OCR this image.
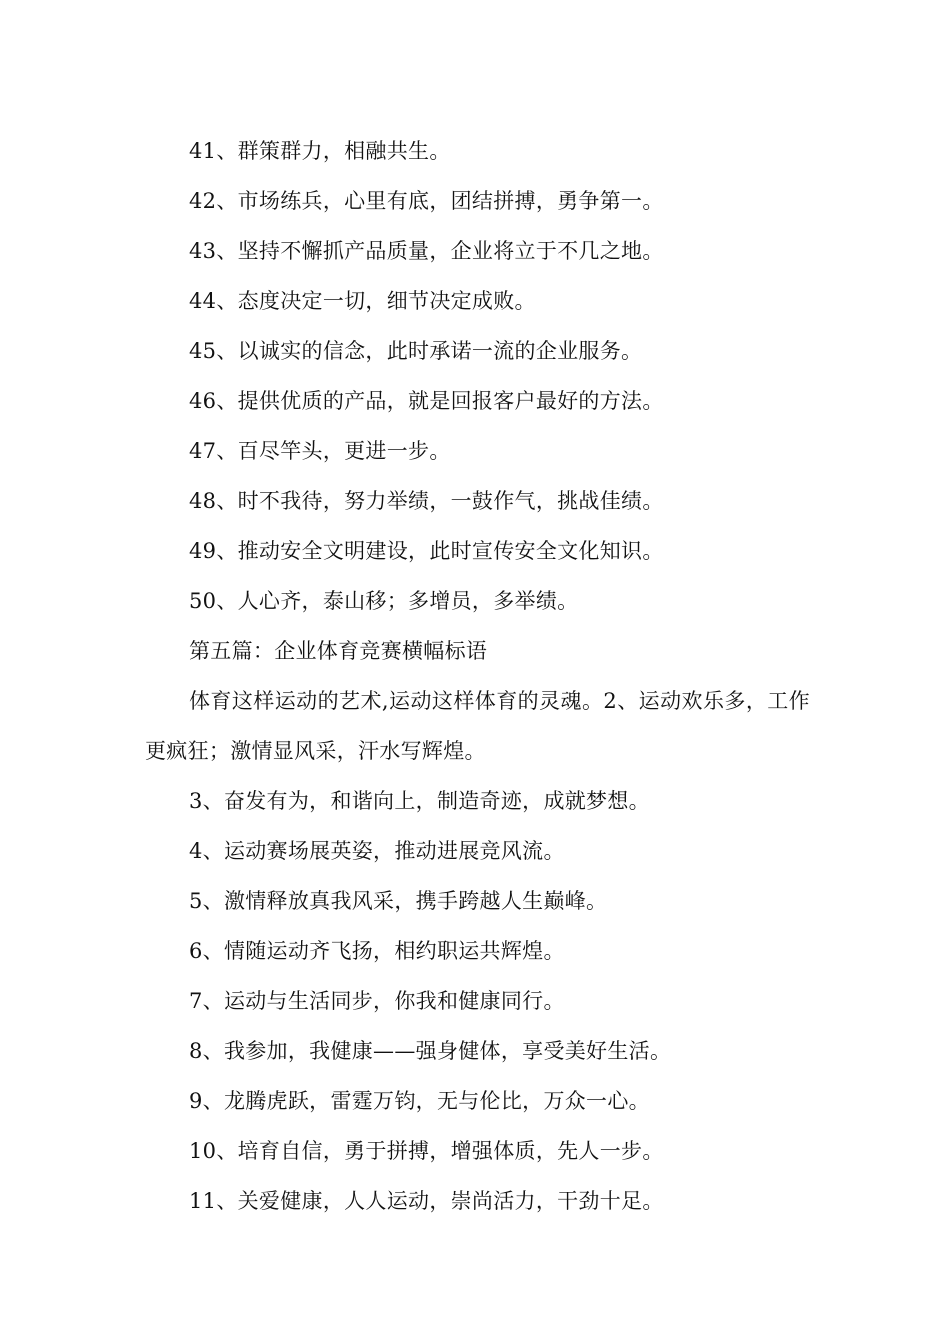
41、群策群力，相融共生。

42、市场练兵，心里有底，团结拼搏，勇争第一。

43、坚持不懈抓产品质量，企业将立于不几之地。

44、态度决定一切，细节决定成败。

45、以诚实的信念，此时承诺一流的企业服务。

46、提供优质的产品，就是回报客户最好的方法。

47、百尽竿头，更进一步。

48、时不我待，努力举绩，一鼓作气，挑战佳绩。

49、推动安全文明建设，此时宣传安全文化知识。

50、人心齐，泰山移；多增员，多举绩。

第五篇：企业体育竞赛横幅标语

体育这样运动的艺术,运动这样体育的灵魂。2、运动欢乐多，工作更疯狂；激情显风采，汗水写辉煌。

3、奋发有为，和谐向上，制造奇迹，成就梦想。

4、运动赛场展英姿，推动进展竞风流。

5、激情释放真我风采，携手跨越人生巅峰。

6、情随运动齐飞扬，相约职运共辉煌。

7、运动与生活同步，你我和健康同行。

8、我参加，我健康——强身健体，享受美好生活。

9、龙腾虎跃，雷霆万钧，无与伦比，万众一心。

10、培育自信，勇于拼搏，增强体质，先人一步。

11、关爱健康，人人运动，崇尚活力，干劲十足。
